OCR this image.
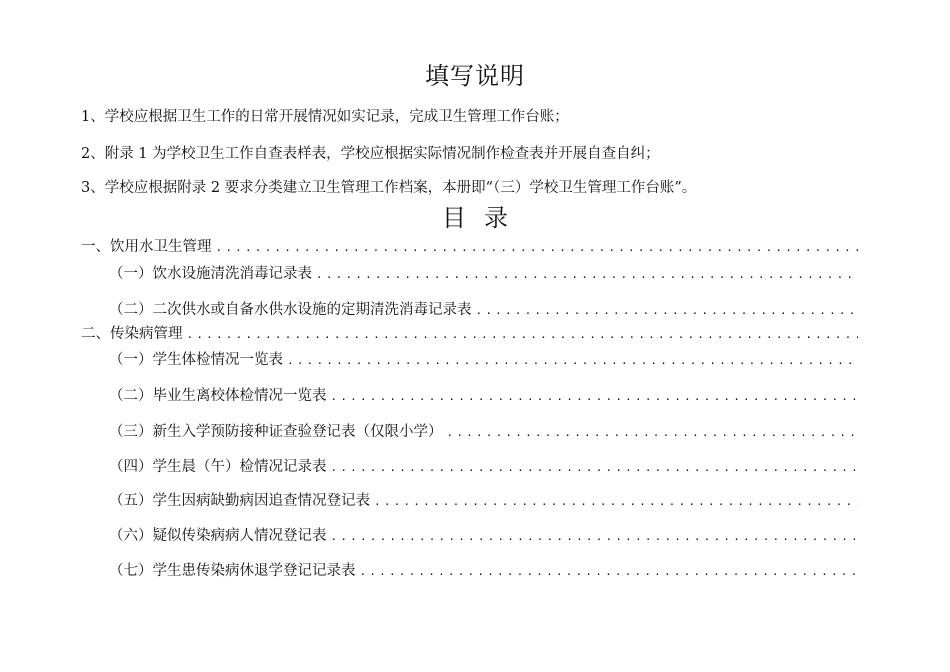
填写说明
1、学校应根据卫生工作的日常开展情况如实记录，完成卫生管理工作台账；
2、附录 1 为学校卫生工作自查表样表，学校应根据实际情况制作检查表并开展自查自纠；
3、学校应根据附录 2 要求分类建立卫生管理工作档案，本册即“（三）学校卫生管理工作台账”。
目录
一、饮用水卫生管理
.....
（一）饮水设施清洗消毒记录表
.....
（二）二次供水或自备水供水设施的定期清洗消毒记录表
.....
二、传染病管理
.....
（一）学生体检情况一览表
.....
（二）毕业生离校体检情况一览表
.....
（三）新生入学预防接种证查验登记表（仅限小学）
.....
（四）学生晨（午）检情况记录表
.....
（五）学生因病缺勤病因追查情况登记表
.....
（六）疑似传染病病人情况登记表
.....
（七）学生患传染病休退学登记记录表
.....
